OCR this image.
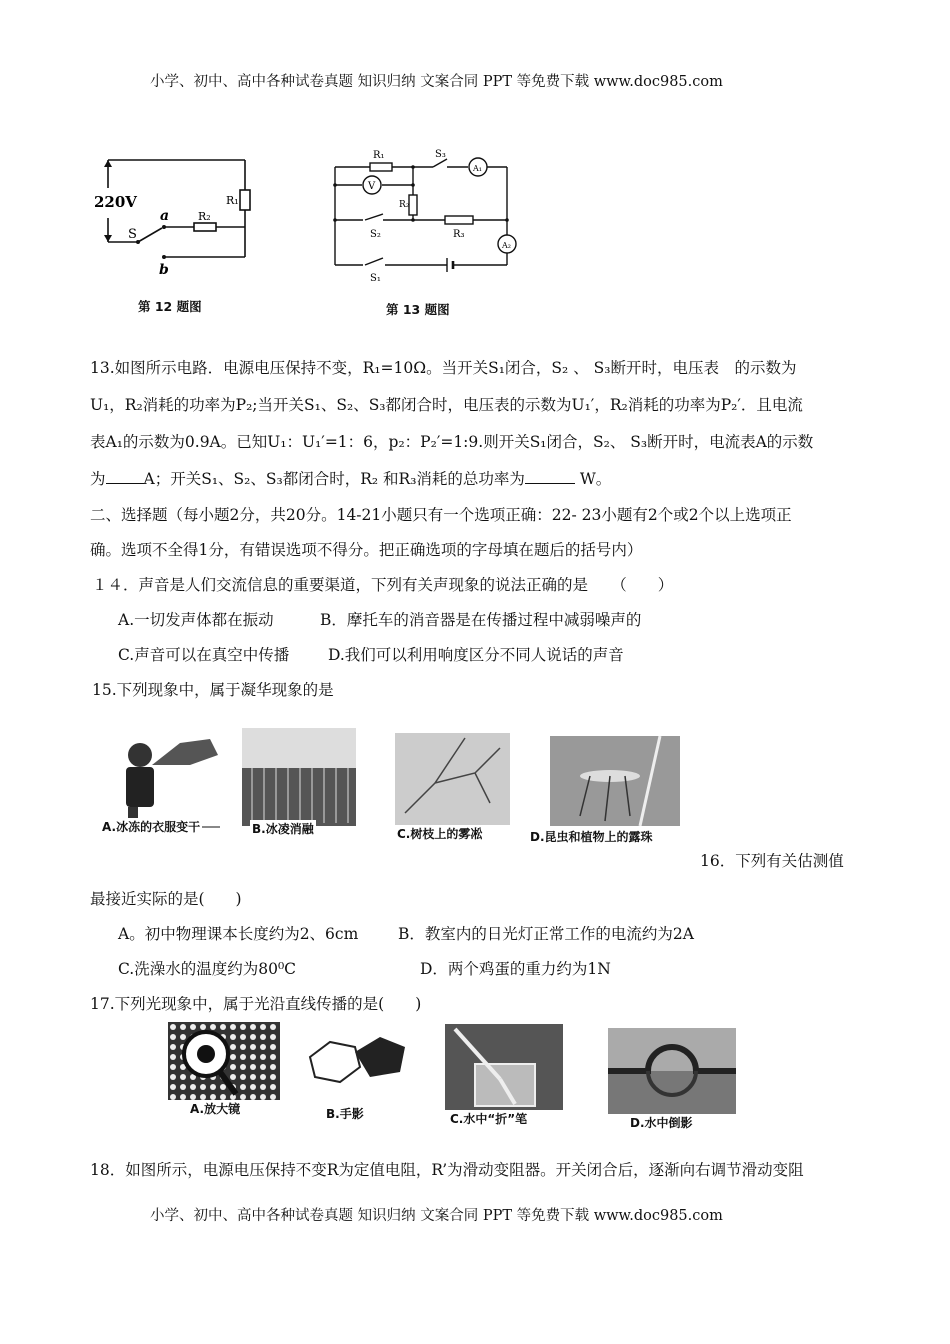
小学、初中、高中各种试卷真题 知识归纳 文案合同 PPT 等免费下载 www.doc985.com
220V	R₁
R₂
S
a
b
第 12 题图
R₁	S₃
A₁
V
R₂
S₂	R₃
A₂
S₁
第 13 题图
13.如图所示电路．电源电压保持不变，R₁=10Ω。当开关S₁闭合，S₂ 、 S₃断开时，电压表　的示数为
U₁，R₂消耗的功率为P₂;当开关S₁、S₂、S₃都闭合时，电压表的示数为U₁′，R₂消耗的功率为P₂′．且电流
表A₁的示数为0.9A。已知U₁：U₁′=1：6，p₂：P₂′=1:9.则开关S₁闭合，S₂、 S₃断开时，电流表A的示数
为 A；开关S₁、S₂、S₃都闭合时，R₂ 和R₃消耗的总功率为	W。
二、选择题（每小题2分，共20分。14-21小题只有一个选项正确：22- 23小题有2个或2个以上选项正
确。选项不全得1分，有错误选项不得分。把正确选项的字母填在题后的括号内）
１４．声音是人们交流信息的重要渠道，下列有关声现象的说法正确的是　　（　　）
A.一切发声体都在振动	B．摩托车的消音器是在传播过程中减弱噪声的
C.声音可以在真空中传播	D.我们可以利用响度区分不同人说话的声音
15.下列现象中，属于凝华现象的是
A.冰冻的衣服变干	B.冰凌消融	C.树枝上的雾凇	D.昆虫和植物上的露珠
16．下列有关估测值
最接近实际的是(　　)
A。初中物理课本长度约为2、6cm	B．教室内的日光灯正常工作的电流约为2A
C.洗澡水的温度约为80⁰C	D．两个鸡蛋的重力约为1N
17.下列光现象中，属于光沿直线传播的是(　　)
A.放大镜	B.手影	C.水中“折”笔	D.水中倒影
18．如图所示，电源电压保持不变R为定值电阻，R’为滑动变阻器。开关闭合后，逐渐向右调节滑动变阻
小学、初中、高中各种试卷真题 知识归纳 文案合同 PPT 等免费下载 www.doc985.com
